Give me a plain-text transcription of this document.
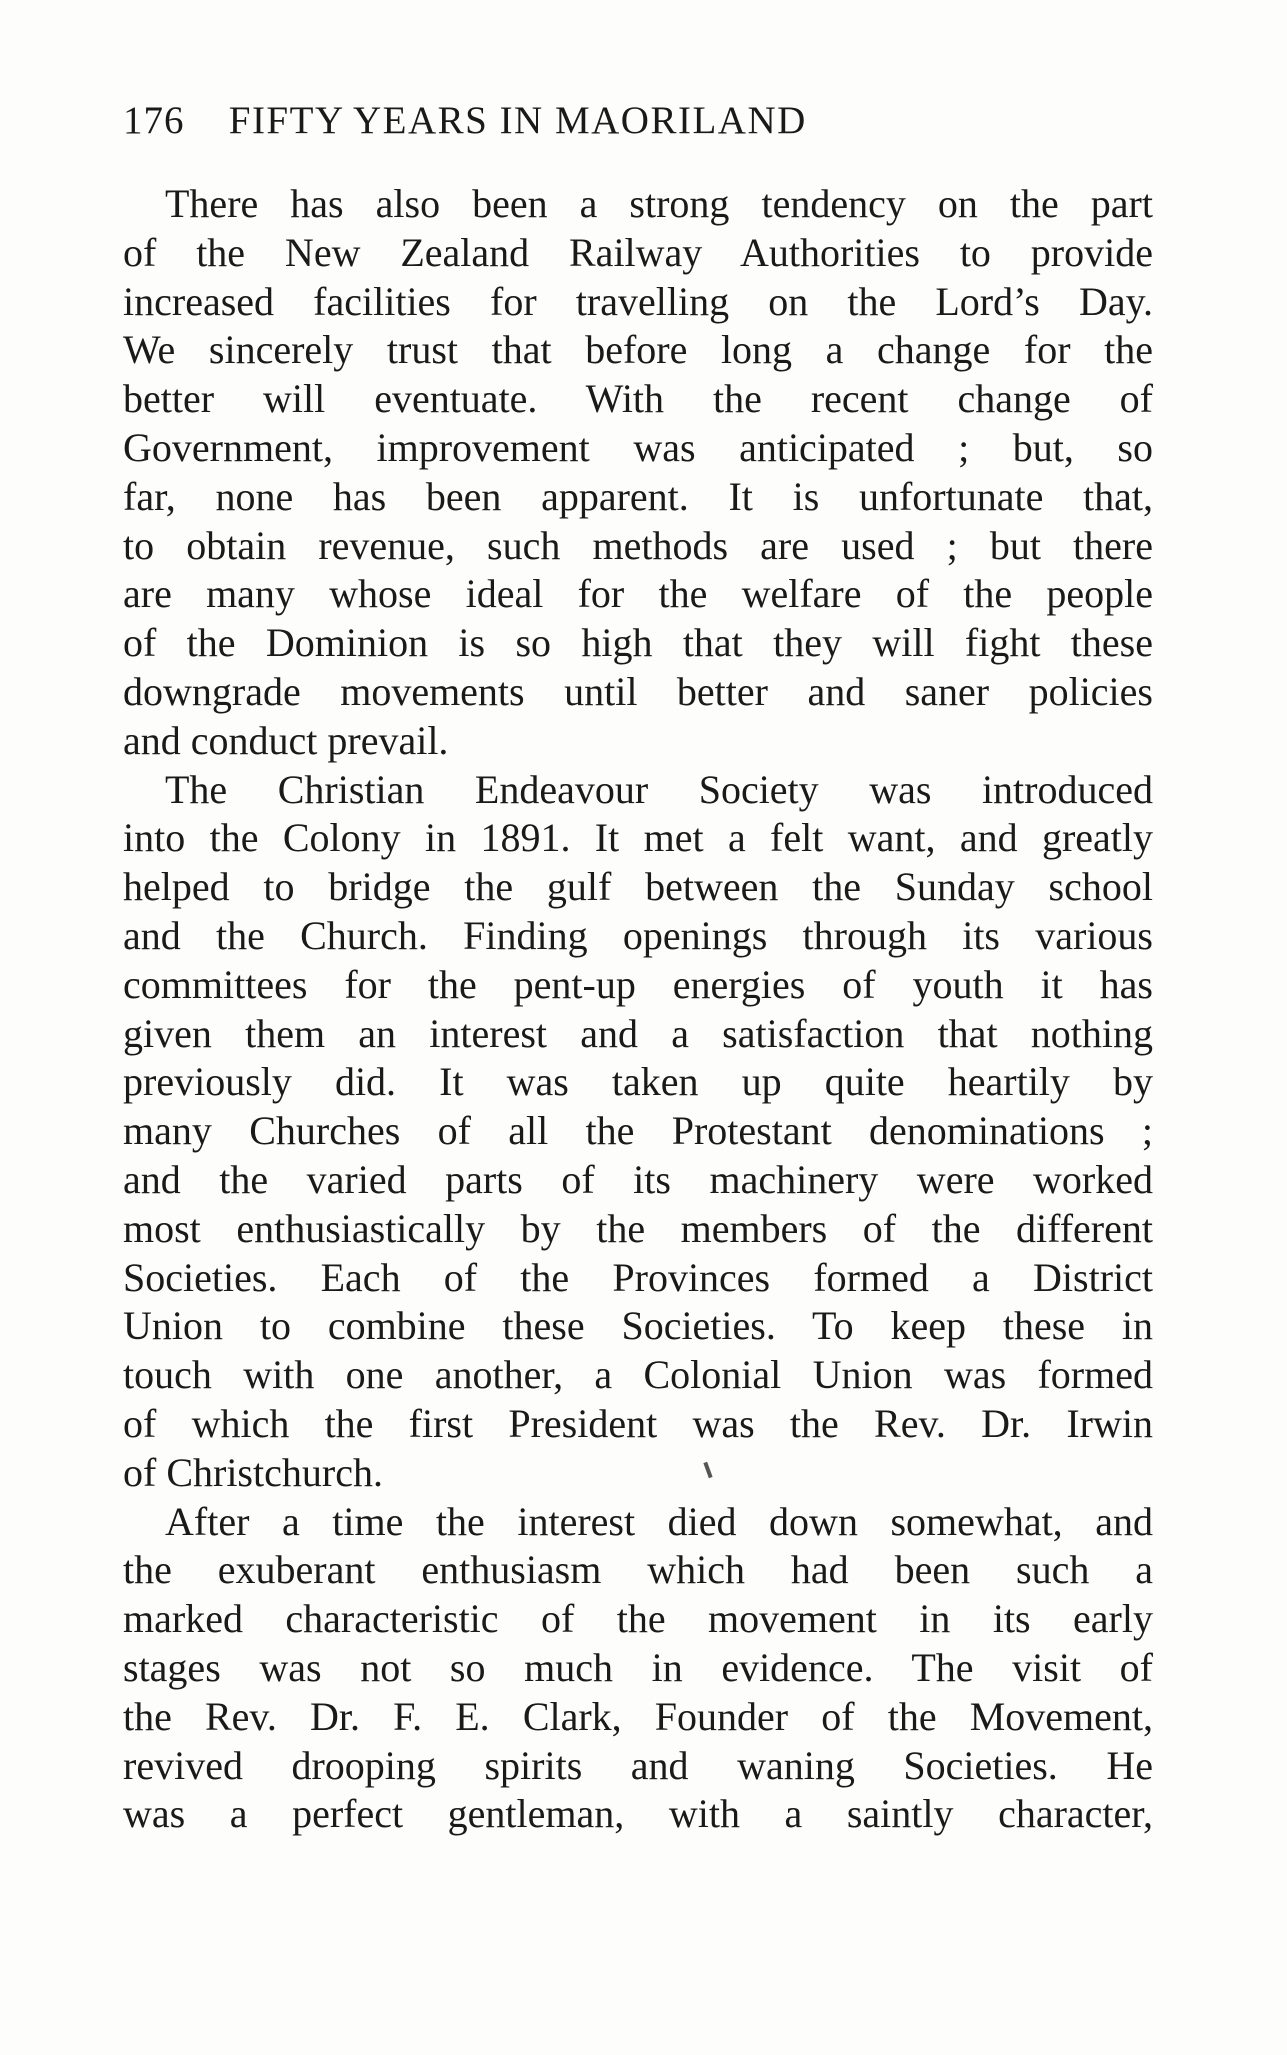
176 FIFTY YEARS IN MAORILAND
There has also been a strong tendency on the part
of the New Zealand Railway Authorities to provide
increased facilities for travelling on the Lord’s Day.
We sincerely trust that before long a change for the
better will eventuate. With the recent change of
Government, improvement was anticipated ; but, so
far, none has been apparent. It is unfortunate that,
to obtain revenue, such methods are used ; but there
are many whose ideal for the welfare of the people
of the Dominion is so high that they will fight these
downgrade movements until better and saner policies
and conduct prevail.
The Christian Endeavour Society was introduced
into the Colony in 1891. It met a felt want, and greatly
helped to bridge the gulf between the Sunday school
and the Church. Finding openings through its various
committees for the pent-up energies of youth it has
given them an interest and a satisfaction that nothing
previously did. It was taken up quite heartily by
many Churches of all the Protestant denominations ;
and the varied parts of its machinery were worked
most enthusiastically by the members of the different
Societies. Each of the Provinces formed a District
Union to combine these Societies. To keep these in
touch with one another, a Colonial Union was formed
of which the first President was the Rev. Dr. Irwin
of Christchurch.
After a time the interest died down somewhat, and
the exuberant enthusiasm which had been such a
marked characteristic of the movement in its early
stages was not so much in evidence. The visit of
the Rev. Dr. F. E. Clark, Founder of the Movement,
revived drooping spirits and waning Societies. He
was a perfect gentleman, with a saintly character,
